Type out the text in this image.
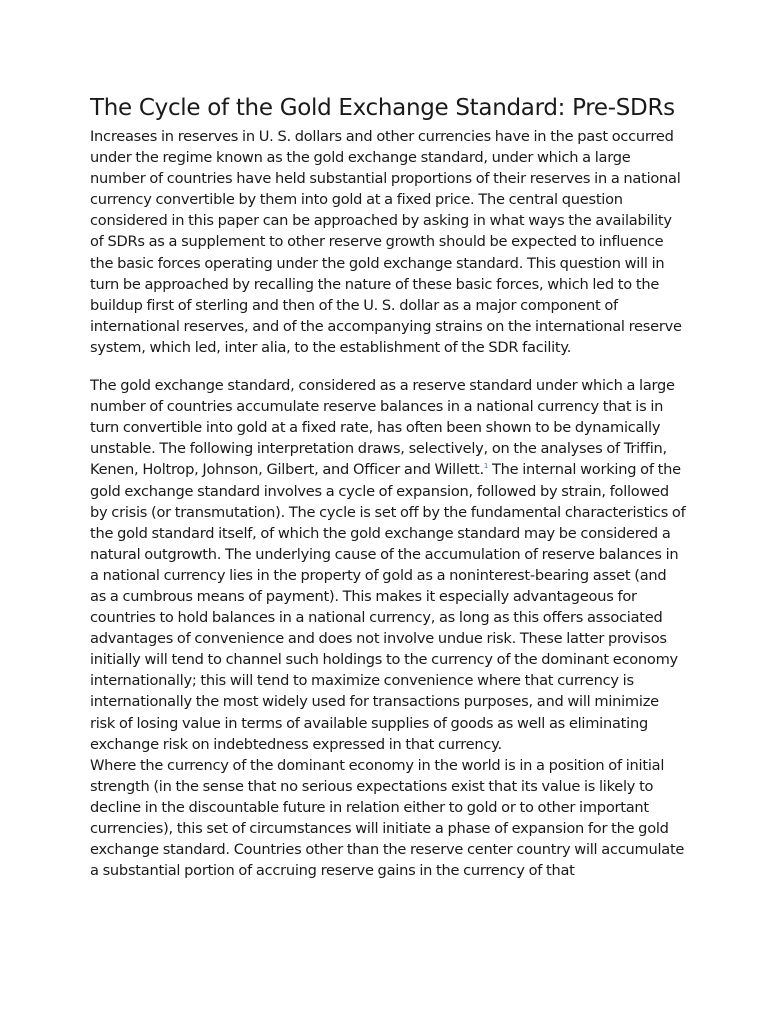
The Cycle of the Gold Exchange Standard: Pre-SDRs

Increases in reserves in U. S. dollars and other currencies have in the past occurred under the regime known as the gold exchange standard, under which a large number of countries have held substantial proportions of their reserves in a national currency convertible by them into gold at a fixed price. The central question considered in this paper can be approached by asking in what ways the availability of SDRs as a supplement to other reserve growth should be expected to influence the basic forces operating under the gold exchange standard. This question will in turn be approached by recalling the nature of these basic forces, which led to the buildup first of sterling and then of the U. S. dollar as a major component of international reserves, and of the accompanying strains on the international reserve system, which led, inter alia, to the establishment of the SDR facility.

The gold exchange standard, considered as a reserve standard under which a large number of countries accumulate reserve balances in a national currency that is in turn convertible into gold at a fixed rate, has often been shown to be dynamically unstable. The following interpretation draws, selectively, on the analyses of Triffin, Kenen, Holtrop, Johnson, Gilbert, and Officer and Willett.$^1$ The internal working of the gold exchange standard involves a cycle of expansion, followed by strain, followed by crisis (or transmutation). The cycle is set off by the fundamental characteristics of the gold standard itself, of which the gold exchange standard may be considered a natural outgrowth. The underlying cause of the accumulation of reserve balances in a national currency lies in the property of gold as a noninterest-bearing asset (and as a cumbrous means of payment). This makes it especially advantageous for countries to hold balances in a national currency, as long as this offers associated advantages of convenience and does not involve undue risk. These latter provisos initially will tend to channel such holdings to the currency of the dominant economy internationally; this will tend to maximize convenience where that currency is internationally the most widely used for transactions purposes, and will minimize risk of losing value in terms of available supplies of goods as well as eliminating exchange risk on indebtedness expressed in that currency.

Where the currency of the dominant economy in the world is in a position of initial strength (in the sense that no serious expectations exist that its value is likely to decline in the discountable future in relation either to gold or to other important currencies), this set of circumstances will initiate a phase of expansion for the gold exchange standard. Countries other than the reserve center country will accumulate a substantial portion of accruing reserve gains in the currency of that
